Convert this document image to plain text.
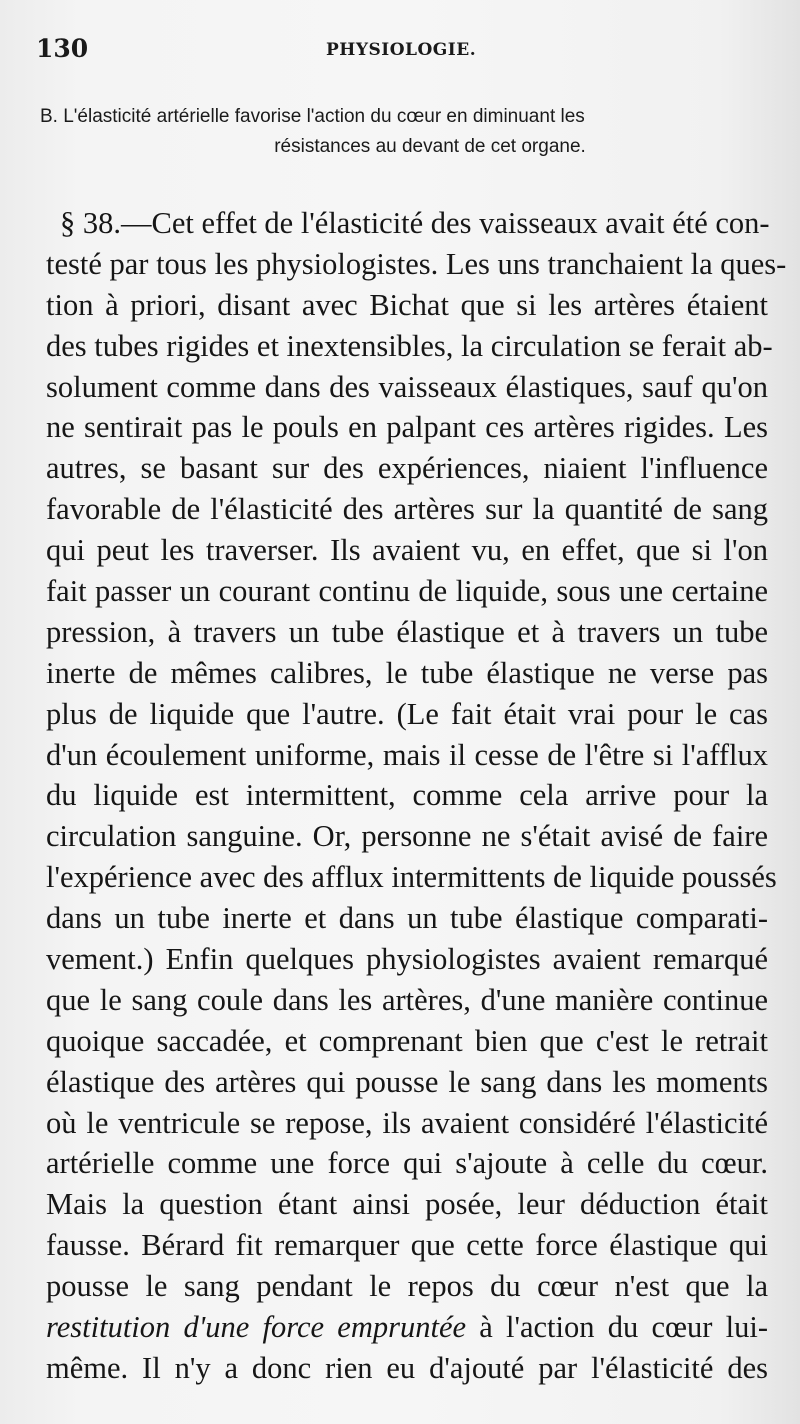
130	PHYSIOLOGIE.
B. L'élasticité artérielle favorise l'action du cœur en diminuant les
résistances au devant de cet organe.
§ 38.—Cet effet de l'élasticité des vaisseaux avait été con-
testé par tous les physiologistes. Les uns tranchaient la ques-
tion à priori, disant avec Bichat que si les artères étaient
des tubes rigides et inextensibles, la circulation se ferait ab-
solument comme dans des vaisseaux élastiques, sauf qu'on
ne sentirait pas le pouls en palpant ces artères rigides. Les
autres, se basant sur des expériences, niaient l'influence
favorable de l'élasticité des artères sur la quantité de sang
qui peut les traverser. Ils avaient vu, en effet, que si l'on
fait passer un courant continu de liquide, sous une certaine
pression, à travers un tube élastique et à travers un tube
inerte de mêmes calibres, le tube élastique ne verse pas
plus de liquide que l'autre. (Le fait était vrai pour le cas
d'un écoulement uniforme, mais il cesse de l'être si l'afflux
du liquide est intermittent, comme cela arrive pour la
circulation sanguine. Or, personne ne s'était avisé de faire
l'expérience avec des afflux intermittents de liquide poussés
dans un tube inerte et dans un tube élastique comparati-
vement.) Enfin quelques physiologistes avaient remarqué
que le sang coule dans les artères, d'une manière continue
quoique saccadée, et comprenant bien que c'est le retrait
élastique des artères qui pousse le sang dans les moments
où le ventricule se repose, ils avaient considéré l'élasticité
artérielle comme une force qui s'ajoute à celle du cœur.
Mais la question étant ainsi posée, leur déduction était
fausse. Bérard fit remarquer que cette force élastique qui
pousse le sang pendant le repos du cœur n'est que la
restitution d'une force empruntée à l'action du cœur lui-
même. Il n'y a donc rien eu d'ajouté par l'élasticité des
